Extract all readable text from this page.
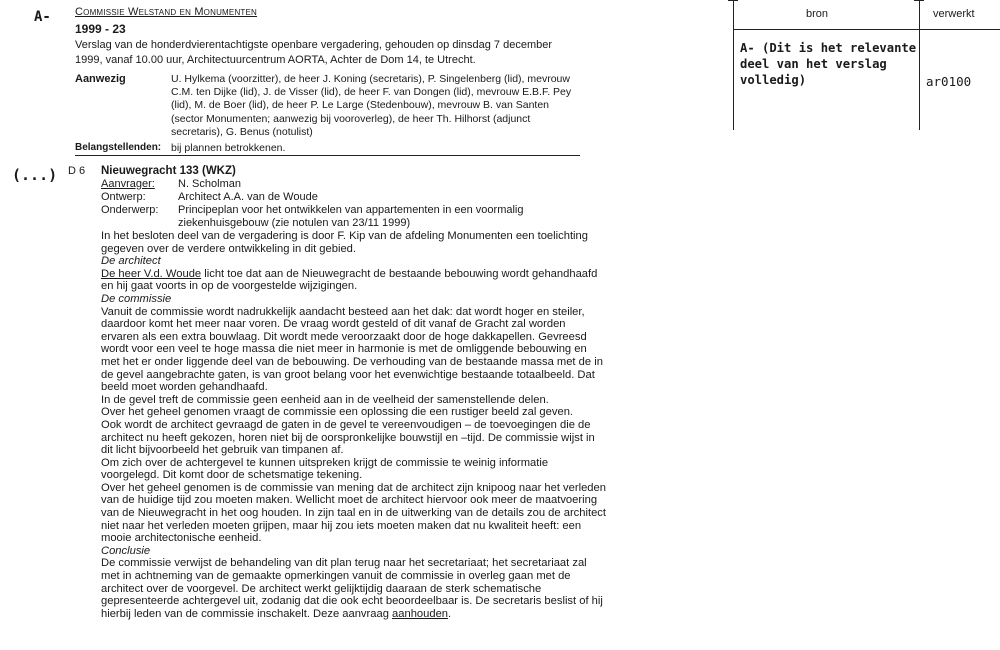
A-
(...)
Commissie Welstand en Monumenten
1999 - 23
Verslag van de honderdvierentachtigste openbare vergadering, gehouden op dinsdag 7 december 1999, vanaf 10.00 uur, Architectuurcentrum AORTA, Achter de Dom 14, te Utrecht.
Aanwezig	U. Hylkema (voorzitter), de heer J. Koning (secretaris), P. Singelenberg (lid), mevrouw C.M. ten Dijke (lid), J. de Visser (lid), de heer F. van Dongen (lid), mevrouw E.B.F. Pey (lid), M. de Boer (lid), de heer P. Le Large (Stedenbouw), mevrouw B. van Santen (sector Monumenten; aanwezig bij vooroverleg), de heer Th. Hilhorst (adjunct secretaris), G. Benus (notulist)
Belangstellenden: bij plannen betrokkenen.
D 6 Nieuwegracht 133 (WKZ)
Aanvrager: N. Scholman
Ontwerp:	Architect A.A. van de Woude
Onderwerp: Principeplan voor het ontwikkelen van appartementen in een voormalig ziekenhuisgebouw (zie notulen van 23/11 1999)

In het besloten deel van de vergadering is door F. Kip van de afdeling Monumenten een toelichting gegeven over de verdere ontwikkeling in dit gebied.

De architect

De heer V.d. Woude licht toe dat aan de Nieuwegracht de bestaande bebouwing wordt gehandhaafd en hij gaat voorts in op de voorgestelde wijzigingen.

De commissie

Vanuit de commissie wordt nadrukkelijk aandacht besteed aan het dak: dat wordt hoger en steiler, daardoor komt het meer naar voren. De vraag wordt gesteld of dit vanaf de Gracht zal worden ervaren als een extra bouwlaag. Dit wordt mede veroorzaakt door de hoge dakkapellen. Gevreesd wordt voor een veel te hoge massa die niet meer in harmonie is met de omliggende bebouwing en met het er onder liggende deel van de bebouwing. De verhouding van de bestaande massa met de in de gevel aangebrachte gaten, is van groot belang voor het evenwichtige bestaande totaalbeeld. Dat beeld moet worden gehandhaafd.

In de gevel treft de commissie geen eenheid aan in de veelheid der samenstellende delen.

Over het geheel genomen vraagt de commissie een oplossing die een rustiger beeld zal geven.

Ook wordt de architect gevraagd de gaten in de gevel te vereenvoudigen – de toevoegingen die de architect nu heeft gekozen, horen niet bij de oorspronkelijke bouwstijl en –tijd. De commissie wijst in dit licht bijvoorbeeld het gebruik van timpanen af.

Om zich over de achtergevel te kunnen uitspreken krijgt de commissie te weinig informatie voorgelegd. Dit komt door de schetsmatige tekening.

Over het geheel genomen is de commissie van mening dat de architect zijn knipoog naar het verleden van de huidige tijd zou moeten maken. Wellicht moet de architect hiervoor ook meer de maatvoering van de Nieuwegracht in het oog houden. In zijn taal en in de uitwerking van de details zou de architect niet naar het verleden moeten grijpen, maar hij zou iets moeten maken dat nu kwaliteit heeft: een mooie architectonische eenheid.

Conclusie

De commissie verwijst de behandeling van dit plan terug naar het secretariaat; het secretariaat zal met in achtneming van de gemaakte opmerkingen vanuit de commissie in overleg gaan met de architect over de voorgevel. De architect werkt gelijktijdig daaraan de sterk schematische gepresenteerde achtergevel uit, zodanig dat die ook echt beoordeelbaar is. De secretaris beslist of hij hierbij leden van de commissie inschakelt. Deze aanvraag aanhouden.

bron	verwerkt
A- (Dit is het relevante deel van het verslag volledig)	ar0100
